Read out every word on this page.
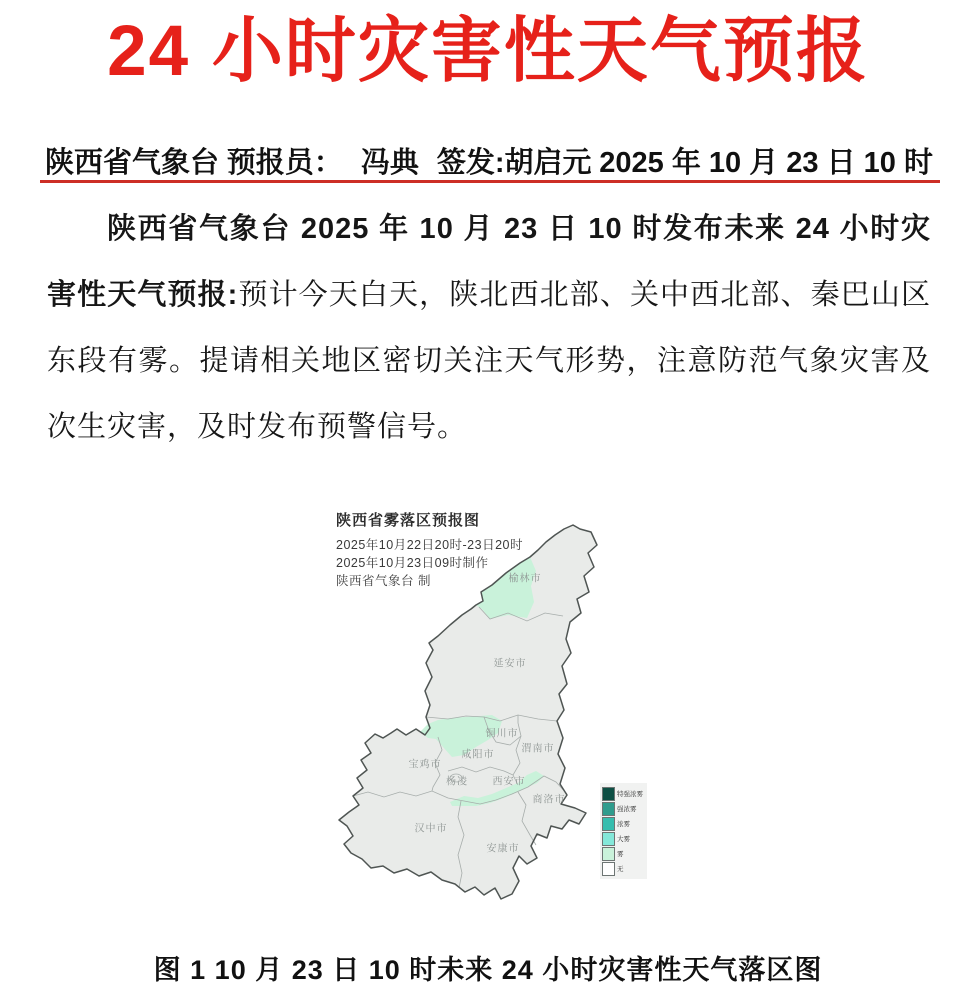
24 小时灾害性天气预报
陕西省气象台 预报员： 冯典 签发:胡启元 2025 年 10 月 23 日 10 时

陕西省气象台 2025 年 10 月 23 日 10 时发布未来 24 小时灾害性天气预报:预计今天白天，陕北西北部、关中西北部、秦巴山区东段有雾。提请相关地区密切关注天气形势，注意防范气象灾害及次生灾害，及时发布预警信号。

陕西省雾落区预报图
2025年10月22日20时-23日20时
2025年10月23日09时制作
陕西省气象台 制	榆林市
延安市
铜川市
渭南市
咸阳市
宝鸡市
杨凌 西安市
商洛市
汉中市
安康市
特强浓雾
强浓雾
浓雾
大雾
雾
无
图 1 10 月 23 日 10 时未来 24 小时灾害性天气落区图
